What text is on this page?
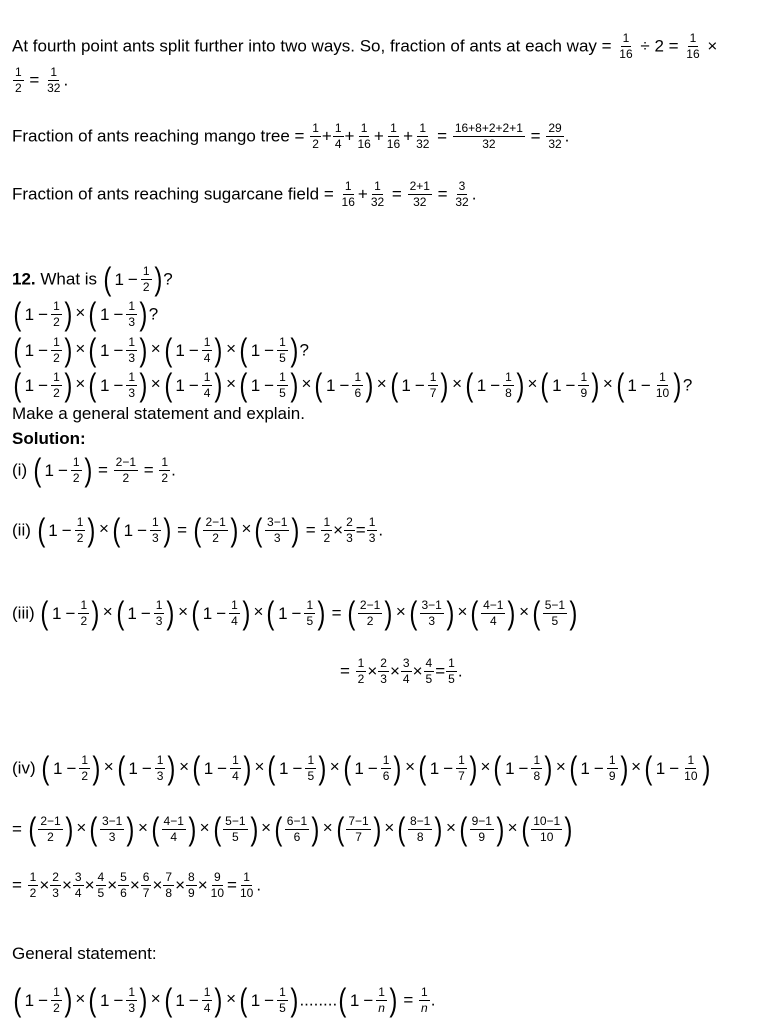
At fourth point ants split further into two ways. So, fraction of ants at each way = $\frac{1}{16} \div 2 = \frac{1}{16}$ ×
$\frac{1}{2} = \frac{1}{32}$ .
Fraction of ants reaching mango tree = $\frac{1}{2} + \frac{1}{4} + \frac{1}{16} + \frac{1}{16} + \frac{1}{32} = \frac{16+8+2+2+1}{32} = \frac{29}{32}$ .
Fraction of ants reaching sugarcane field = $\frac{1}{16} + \frac{1}{32} = \frac{2+1}{32} = \frac{3}{32}$ .
12. What is ( $1 - \frac{1}{2}$ ) ?
( $1 - \frac{1}{2}$ ) × ( $1 - \frac{1}{3}$ ) ?
( $1 - \frac{1}{2}$ ) × ( $1 - \frac{1}{3}$ ) × ( $1 - \frac{1}{4}$ ) × ( $1 - \frac{1}{5}$ ) ?
( $1 - \frac{1}{2}$ ) × ( $1 - \frac{1}{3}$ ) × ( $1 - \frac{1}{4}$ ) × ( $1 - \frac{1}{5}$ ) × ( $1 - \frac{1}{6}$ ) × ( $1 - \frac{1}{7}$ ) × ( $1 - \frac{1}{8}$ ) × ( $1 - \frac{1}{9}$ ) × ( $1 - \frac{1}{10}$ ) ?
Make a general statement and explain.
Solution:
(i) ( $1 - \frac{1}{2}$ ) = $\frac{2-1}{2} = \frac{1}{2}$ .
(ii) ( $1 - \frac{1}{2}$ ) × ( $1 - \frac{1}{3}$ ) = ( $\frac{2-1}{2}$ ) × ( $\frac{3-1}{3}$ ) = $\frac{1}{2} \times \frac{2}{3} = \frac{1}{3}$ .
(iii) ( $1 - \frac{1}{2}$ ) × ( $1 - \frac{1}{3}$ ) × ( $1 - \frac{1}{4}$ ) × ( $1 - \frac{1}{5}$ ) = ( $\frac{2-1}{2}$ ) × ( $\frac{3-1}{3}$ ) × ( $\frac{4-1}{4}$ ) × ( $\frac{5-1}{5}$ )
= $\frac{1}{2} \times \frac{2}{3} \times \frac{3}{4} \times \frac{4}{5} = \frac{1}{5}$ .
(iv) ( $1 - \frac{1}{2}$ ) × ( $1 - \frac{1}{3}$ ) × ( $1 - \frac{1}{4}$ ) × ( $1 - \frac{1}{5}$ ) × ( $1 - \frac{1}{6}$ ) × ( $1 - \frac{1}{7}$ ) × ( $1 - \frac{1}{8}$ ) × ( $1 - \frac{1}{9}$ ) × ( $1 - \frac{1}{10}$ )
= ( $\frac{2-1}{2}$ ) × ( $\frac{3-1}{3}$ ) × ( $\frac{4-1}{4}$ ) × ( $\frac{5-1}{5}$ ) × ( $\frac{6-1}{6}$ ) × ( $\frac{7-1}{7}$ ) × ( $\frac{8-1}{8}$ ) × ( $\frac{9-1}{9}$ ) × ( $\frac{10-1}{10}$ )
= $\frac{1}{2} \times \frac{2}{3} \times \frac{3}{4} \times \frac{4}{5} \times \frac{5}{6} \times \frac{6}{7} \times \frac{7}{8} \times \frac{8}{9} \times \frac{9}{10} = \frac{1}{10}$ .
General statement:
( $1 - \frac{1}{2}$ ) × ( $1 - \frac{1}{3}$ ) × ( $1 - \frac{1}{4}$ ) × ( $1 - \frac{1}{5}$ ) ........ ( $1 - \frac{1}{n}$ ) = $\frac{1}{n}$ .
